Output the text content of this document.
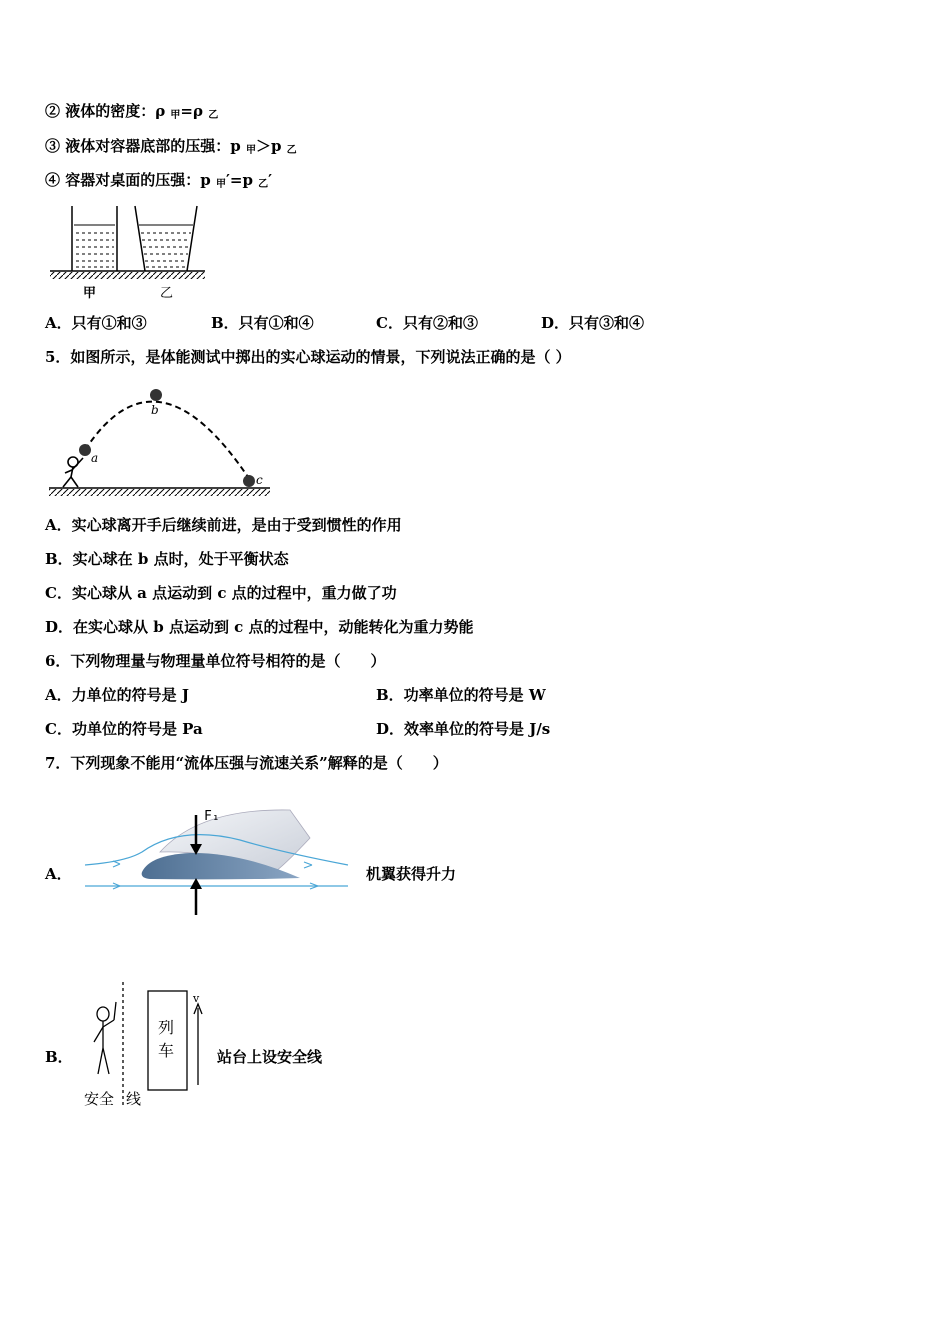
② 液体的密度：ρ $_甲$=ρ $_乙$
③ 液体对容器底部的压强：p $_甲$＞p $_乙$
④ 容器对桌面的压强：p $_甲$′=p $_乙$′
甲	乙
A．只有①和③	B．只有①和④	C．只有②和③	D．只有③和④
5．如图所示，是体能测试中掷出的实心球运动的情景，下列说法正确的是（ ）
a
b
c
A．实心球离开手后继续前进，是由于受到惯性的作用
B．实心球在 b 点时，处于平衡状态
C．实心球从 a 点运动到 c 点的过程中，重力做了功
D．在实心球从 b 点运动到 c 点的过程中，动能转化为重力势能
6．下列物理量与物理量单位符号相符的是（　　）
A．力单位的符号是 J	B．功率单位的符号是 W
C．功单位的符号是 Pa	D．效率单位的符号是 J/s
7．下列现象不能用“流体压强与流速关系”解释的是（　　）
A．
F₁
机翼获得升力
B．
列
车
v
安全 线
站台上设安全线
